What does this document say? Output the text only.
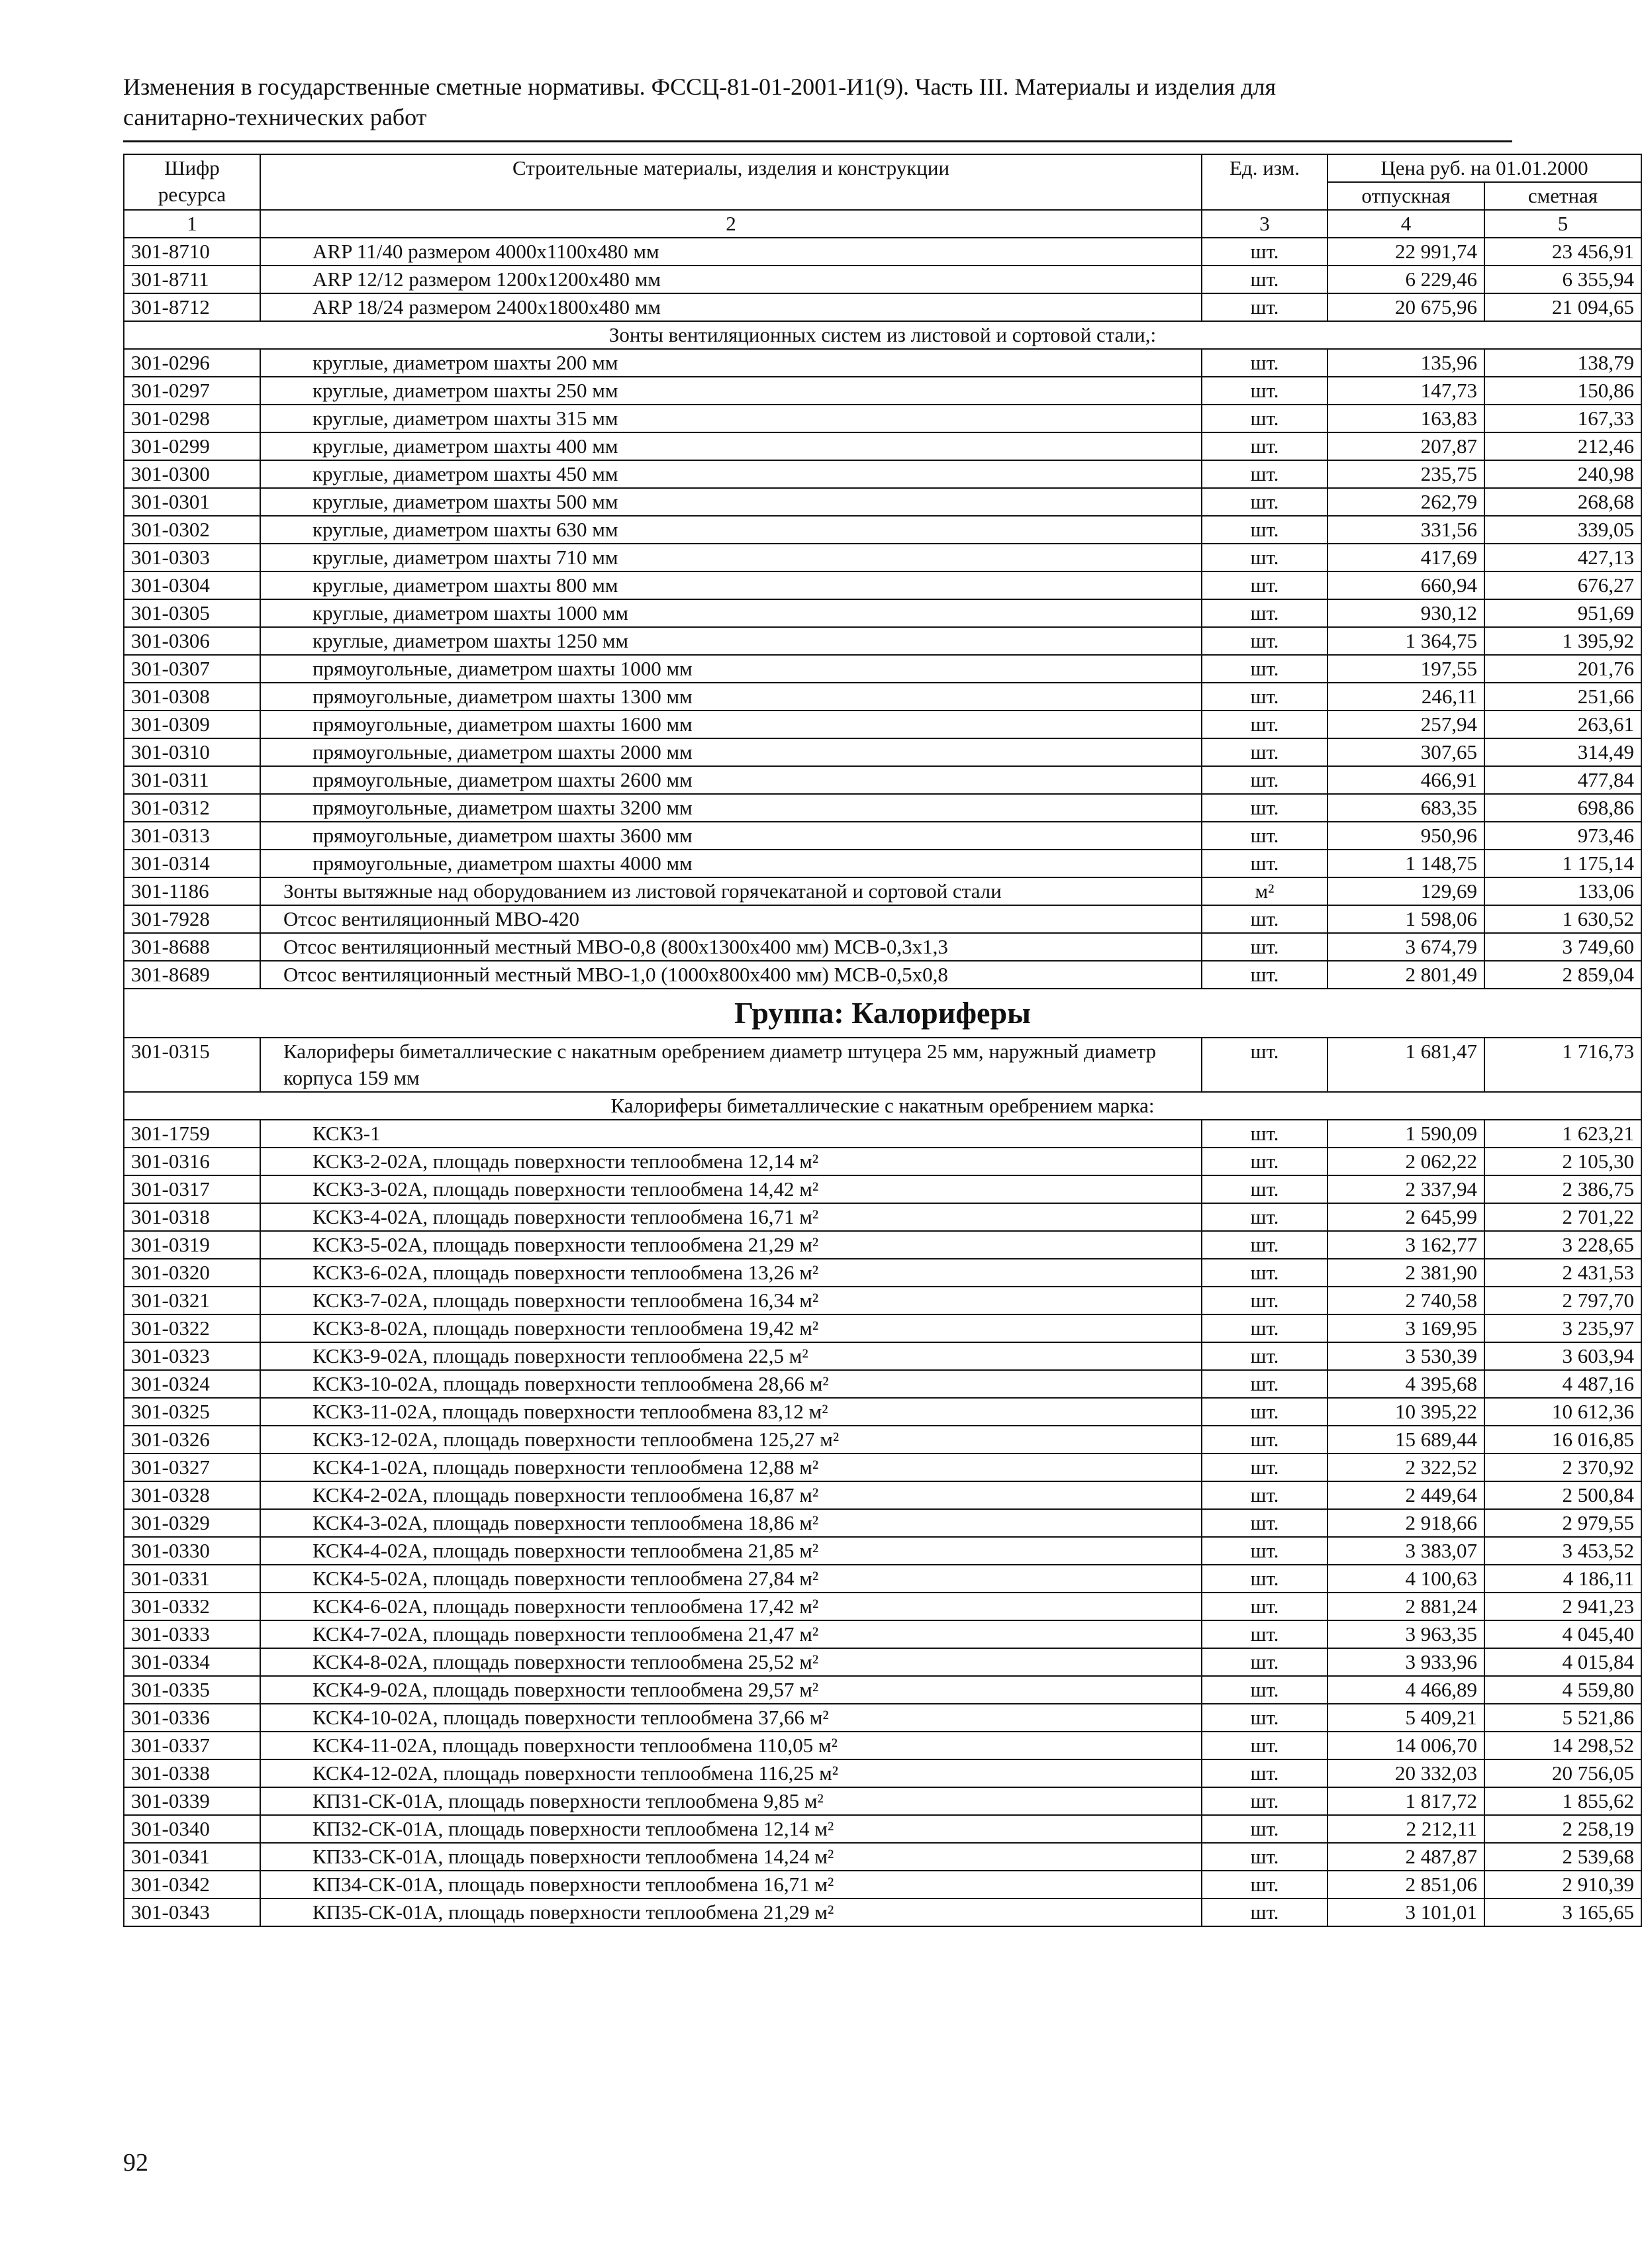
Изменения в государственные сметные нормативы. ФССЦ-81-01-2001-И1(9). Часть III. Материалы и изделия для
санитарно-технических работ
Шифр ресурса	Строительные материалы, изделия и конструкции	Ед. изм.	Цена руб. на 01.01.2000	
			отпускная	сметная
1	2	3	4	5
301-8710	ARP 11/40 размером 4000х1100х480 мм	шт.	22 991,74	23 456,91
301-8711	ARP 12/12 размером 1200х1200х480 мм	шт.	6 229,46	6 355,94
301-8712	ARP 18/24 размером 2400х1800х480 мм	шт.	20 675,96	21 094,65
Зонты вентиляционных систем из листовой и сортовой стали,:				
301-0296	круглые, диаметром шахты 200 мм	шт.	135,96	138,79
301-0297	круглые, диаметром шахты 250 мм	шт.	147,73	150,86
301-0298	круглые, диаметром шахты 315 мм	шт.	163,83	167,33
301-0299	круглые, диаметром шахты 400 мм	шт.	207,87	212,46
301-0300	круглые, диаметром шахты 450 мм	шт.	235,75	240,98
301-0301	круглые, диаметром шахты 500 мм	шт.	262,79	268,68
301-0302	круглые, диаметром шахты 630 мм	шт.	331,56	339,05
301-0303	круглые, диаметром шахты 710 мм	шт.	417,69	427,13
301-0304	круглые, диаметром шахты 800 мм	шт.	660,94	676,27
301-0305	круглые, диаметром шахты 1000 мм	шт.	930,12	951,69
301-0306	круглые, диаметром шахты 1250 мм	шт.	1 364,75	1 395,92
301-0307	прямоугольные, диаметром шахты 1000 мм	шт.	197,55	201,76
301-0308	прямоугольные, диаметром шахты 1300 мм	шт.	246,11	251,66
301-0309	прямоугольные, диаметром шахты 1600 мм	шт.	257,94	263,61
301-0310	прямоугольные, диаметром шахты 2000 мм	шт.	307,65	314,49
301-0311	прямоугольные, диаметром шахты 2600 мм	шт.	466,91	477,84
301-0312	прямоугольные, диаметром шахты 3200 мм	шт.	683,35	698,86
301-0313	прямоугольные, диаметром шахты 3600 мм	шт.	950,96	973,46
301-0314	прямоугольные, диаметром шахты 4000 мм	шт.	1 148,75	1 175,14
301-1186	Зонты вытяжные над оборудованием из листовой горячекатаной и сортовой стали	м²	129,69	133,06
301-7928	Отсос вентиляционный МВО-420	шт.	1 598,06	1 630,52
301-8688	Отсос вентиляционный местный МВО-0,8 (800х1300х400 мм) МСВ-0,3х1,3	шт.	3 674,79	3 749,60
301-8689	Отсос вентиляционный местный МВО-1,0 (1000х800х400 мм) МСВ-0,5х0,8	шт.	2 801,49	2 859,04
Группа: Калориферы				
301-0315	Калориферы биметаллические с накатным оребрением диаметр штуцера 25 мм, наружный диаметр корпуса 159 мм	шт.	1 681,47	1 716,73
Калориферы биметаллические с накатным оребрением марка:				
301-1759	КСК3-1	шт.	1 590,09	1 623,21
301-0316	КСК3-2-02А, площадь поверхности теплообмена 12,14 м²	шт.	2 062,22	2 105,30
301-0317	КСК3-3-02А, площадь поверхности теплообмена 14,42 м²	шт.	2 337,94	2 386,75
301-0318	КСК3-4-02А, площадь поверхности теплообмена 16,71 м²	шт.	2 645,99	2 701,22
301-0319	КСК3-5-02А, площадь поверхности теплообмена 21,29 м²	шт.	3 162,77	3 228,65
301-0320	КСК3-6-02А, площадь поверхности теплообмена 13,26 м²	шт.	2 381,90	2 431,53
301-0321	КСК3-7-02А, площадь поверхности теплообмена 16,34 м²	шт.	2 740,58	2 797,70
301-0322	КСК3-8-02А, площадь поверхности теплообмена 19,42 м²	шт.	3 169,95	3 235,97
301-0323	КСК3-9-02А, площадь поверхности теплообмена 22,5 м²	шт.	3 530,39	3 603,94
301-0324	КСК3-10-02А, площадь поверхности теплообмена 28,66 м²	шт.	4 395,68	4 487,16
301-0325	КСК3-11-02А, площадь поверхности теплообмена 83,12 м²	шт.	10 395,22	10 612,36
301-0326	КСК3-12-02А, площадь поверхности теплообмена 125,27 м²	шт.	15 689,44	16 016,85
301-0327	КСК4-1-02А, площадь поверхности теплообмена 12,88 м²	шт.	2 322,52	2 370,92
301-0328	КСК4-2-02А, площадь поверхности теплообмена 16,87 м²	шт.	2 449,64	2 500,84
301-0329	КСК4-3-02А, площадь поверхности теплообмена 18,86 м²	шт.	2 918,66	2 979,55
301-0330	КСК4-4-02А, площадь поверхности теплообмена 21,85 м²	шт.	3 383,07	3 453,52
301-0331	КСК4-5-02А, площадь поверхности теплообмена 27,84 м²	шт.	4 100,63	4 186,11
301-0332	КСК4-6-02А, площадь поверхности теплообмена 17,42 м²	шт.	2 881,24	2 941,23
301-0333	КСК4-7-02А, площадь поверхности теплообмена 21,47 м²	шт.	3 963,35	4 045,40
301-0334	КСК4-8-02А, площадь поверхности теплообмена 25,52 м²	шт.	3 933,96	4 015,84
301-0335	КСК4-9-02А, площадь поверхности теплообмена 29,57 м²	шт.	4 466,89	4 559,80
301-0336	КСК4-10-02А, площадь поверхности теплообмена 37,66 м²	шт.	5 409,21	5 521,86
301-0337	КСК4-11-02А, площадь поверхности теплообмена 110,05 м²	шт.	14 006,70	14 298,52
301-0338	КСК4-12-02А, площадь поверхности теплообмена 116,25 м²	шт.	20 332,03	20 756,05
301-0339	КП31-СК-01А, площадь поверхности теплообмена 9,85 м²	шт.	1 817,72	1 855,62
301-0340	КП32-СК-01А, площадь поверхности теплообмена 12,14 м²	шт.	2 212,11	2 258,19
301-0341	КП33-СК-01А, площадь поверхности теплообмена 14,24 м²	шт.	2 487,87	2 539,68
301-0342	КП34-СК-01А, площадь поверхности теплообмена 16,71 м²	шт.	2 851,06	2 910,39
301-0343	КП35-СК-01А, площадь поверхности теплообмена 21,29 м²	шт.	3 101,01	3 165,65
92
